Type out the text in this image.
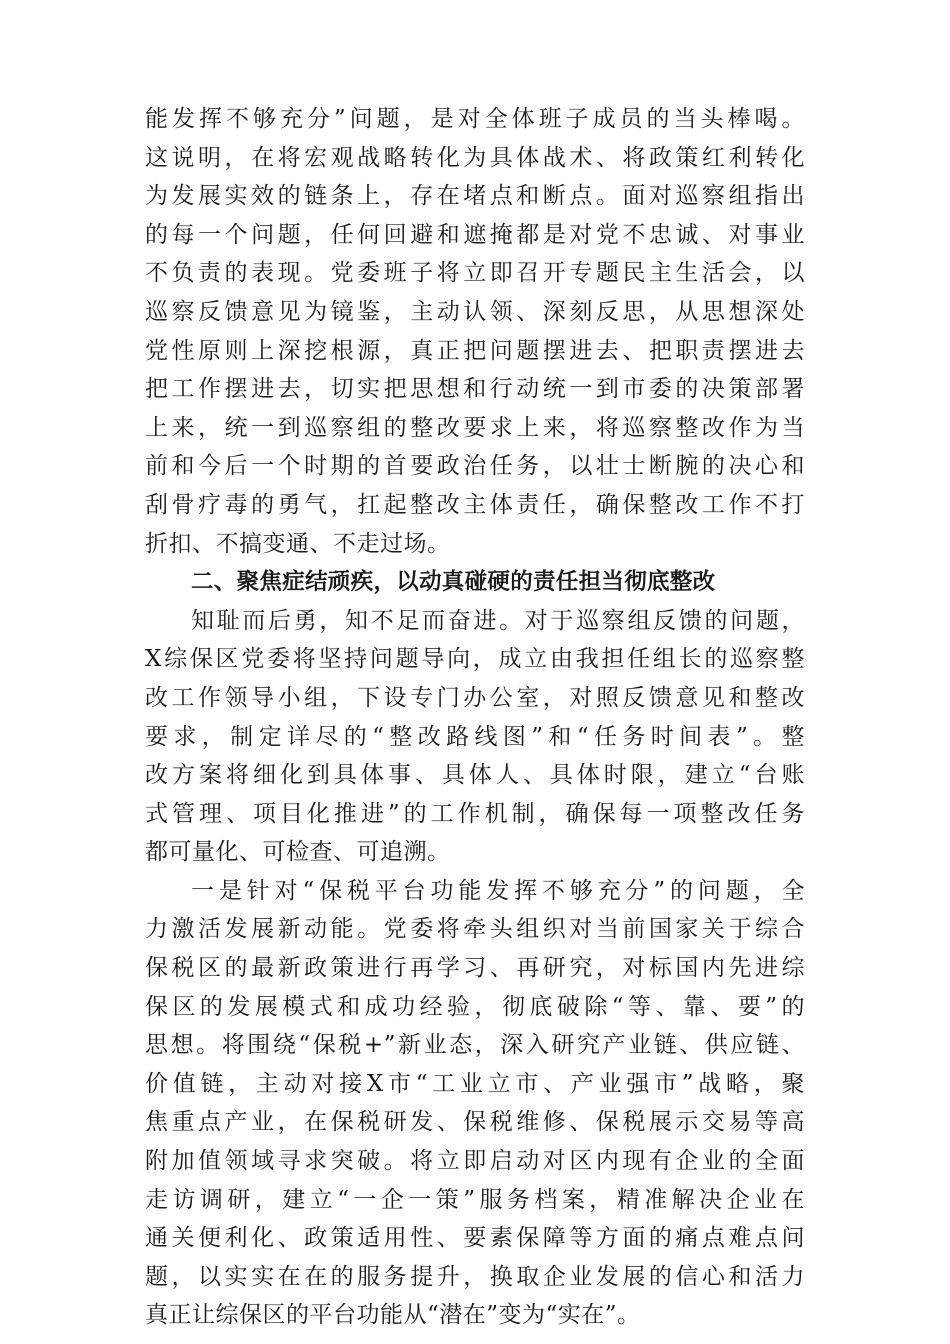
能发挥不够充分”问题，是对全体班子成员的当头棒喝。
这说明，在将宏观战略转化为具体战术、将政策红利转化
为发展实效的链条上，存在堵点和断点。面对巡察组指出
的每一个问题，任何回避和遮掩都是对党不忠诚、对事业
不负责的表现。党委班子将立即召开专题民主生活会，以
巡察反馈意见为镜鉴，主动认领、深刻反思，从思想深处
党性原则上深挖根源，真正把问题摆进去、把职责摆进去
把工作摆进去，切实把思想和行动统一到市委的决策部署
上来，统一到巡察组的整改要求上来，将巡察整改作为当
前和今后一个时期的首要政治任务，以壮士断腕的决心和
刮骨疗毒的勇气，扛起整改主体责任，确保整改工作不打
折扣、不搞变通、不走过场。
二、聚焦症结顽疾，以动真碰硬的责任担当彻底整改
知耻而后勇，知不足而奋进。对于巡察组反馈的问题，
X综保区党委将坚持问题导向，成立由我担任组长的巡察整
改工作领导小组，下设专门办公室，对照反馈意见和整改
要求，制定详尽的“整改路线图”和“任务时间表”。整
改方案将细化到具体事、具体人、具体时限，建立“台账
式管理、项目化推进”的工作机制，确保每一项整改任务
都可量化、可检查、可追溯。
一是针对“保税平台功能发挥不够充分”的问题，全
力激活发展新动能。党委将牵头组织对当前国家关于综合
保税区的最新政策进行再学习、再研究，对标国内先进综
保区的发展模式和成功经验，彻底破除“等、靠、要”的
思想。将围绕“保税+”新业态，深入研究产业链、供应链、
价值链，主动对接X市“工业立市、产业强市”战略，聚
焦重点产业，在保税研发、保税维修、保税展示交易等高
附加值领域寻求突破。将立即启动对区内现有企业的全面
走访调研，建立“一企一策”服务档案，精准解决企业在
通关便利化、政策适用性、要素保障等方面的痛点难点问
题，以实实在在的服务提升，换取企业发展的信心和活力
真正让综保区的平台功能从“潜在”变为“实在”。
